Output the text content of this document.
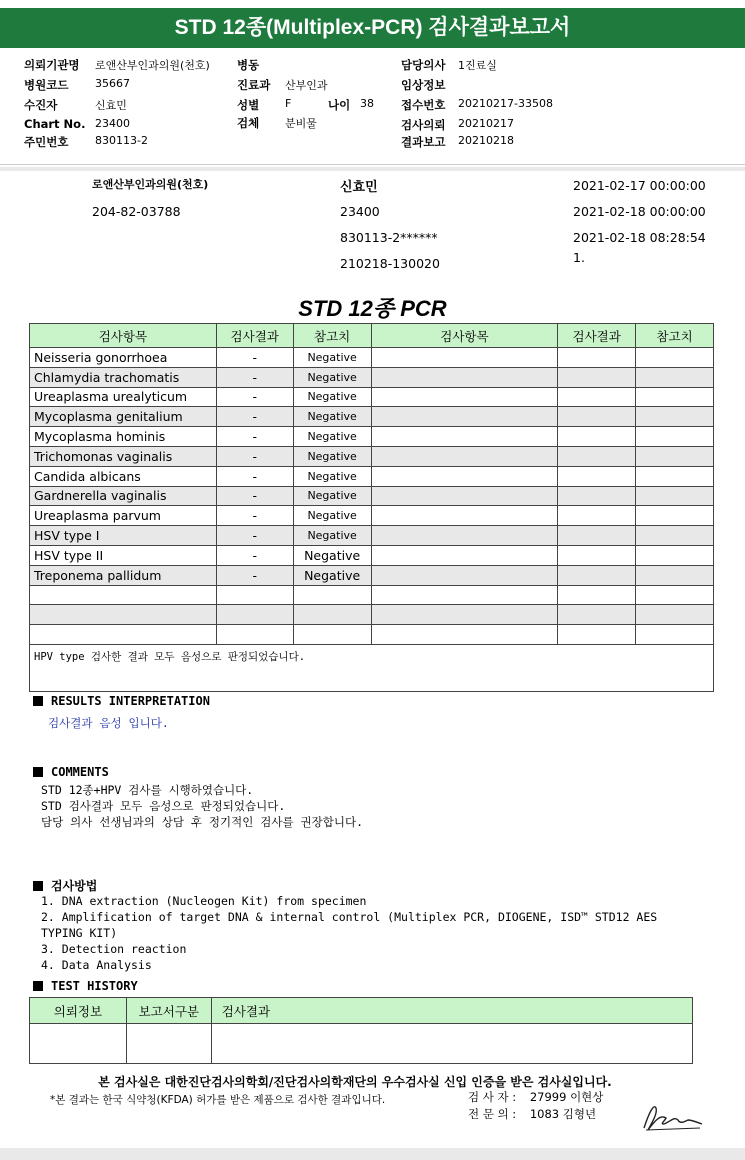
STD 12종(Multiplex-PCR) 검사결과보고서
의뢰기관명 로앤산부인과의원(천호) 병동	담당의사 1진료실
병원코드 35667	진료과 산부인과	임상정보
수진자	신효민	성별 F	나이 38 접수번호 20210217-33508
Chart No. 23400	검체 분비물	검사의뢰 20210217
주민번호 830113-2	결과보고 20210218
로앤산부인과의원(천호)
204-82-03788
신효민
23400
830113-2******
210218-130020
2021-02-17 00:00:00
2021-02-18 00:00:00
2021-02-18 08:28:54
1.
STD 12종 PCR
검사항목	검사결과	참고치	검사항목	검사결과	참고치
Neisseria gonorrhoea	-	Negative			
Chlamydia trachomatis	-	Negative			
Ureaplasma urealyticum	-	Negative			
Mycoplasma genitalium	-	Negative			
Mycoplasma hominis	-	Negative			
Trichomonas vaginalis	-	Negative			
Candida albicans	-	Negative			
Gardnerella vaginalis	-	Negative			
Ureaplasma parvum	-	Negative			
HSV type I	-	Negative			
HSV type II	-	Negative			
Treponema pallidum	-	Negative			

HPV type 검사한 결과 모두 음성으로 판정되었습니다.					
RESULTS INTERPRETATION
검사결과 음성 입니다.
COMMENTS
STD 12종+HPV 검사를 시행하였습니다.
STD 검사결과 모두 음성으로 판정되었습니다.
담당 의사 선생님과의 상담 후 정기적인 검사를 권장합니다.
검사방법
1. DNA extraction (Nucleogen Kit) from specimen
2. Amplification of target DNA & internal control (Multiplex PCR, DIOGENE, ISD™ STD12 AES
TYPING KIT)
3. Detection reaction
4. Data Analysis
TEST HISTORY
의뢰정보	보고서구분	검사결과

본 검사실은 대한진단검사의학회/진단검사의학재단의 우수검사실 신입 인증을 받은 검사실입니다.
*본 결과는 한국 식약청(KFDA) 허가를 받은 제품으로 검사한 결과입니다.	검 사 자 : 27999 이현상
전 문 의 : 1083 김형년
